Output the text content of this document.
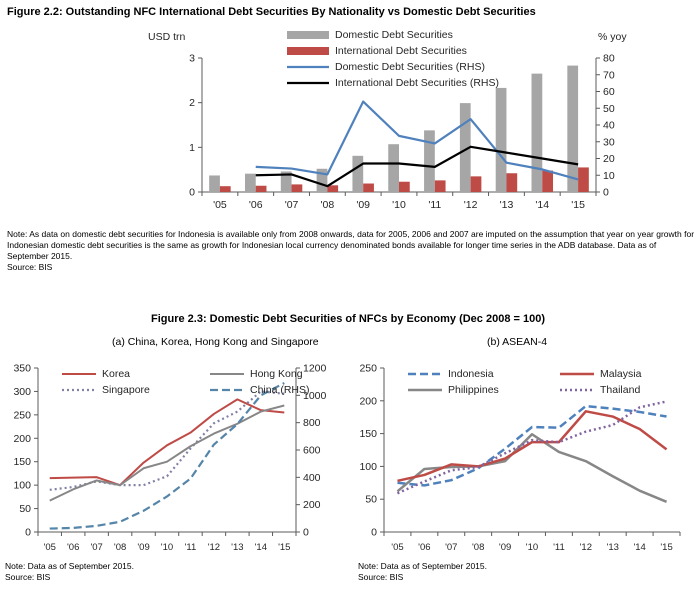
Figure 2.2: Outstanding NFC International Debt Securities By Nationality vs Domestic Debt Securities
USD trn	% yoy
0
1
2
3
0
10
20
30
40
50
60
70
80
'05 '06 '07 '08 '09 '10 '11 '12 '13 '14 '15
Domestic Debt Securities
International Debt Securities
Domestic Debt Securities (RHS)
International Debt Securities (RHS)
Note: As data on domestic debt securities for Indonesia is available only from 2008 onwards, data for 2005, 2006 and 2007 are imputed on the assumption that year on year growth for Indonesian domestic debt securities is the same as growth for Indonesian local currency denominated bonds available for longer time series in the ADB database. Data as of September 2015.
Source: BIS
Figure 2.3: Domestic Debt Securities of NFCs by Economy (Dec 2008 = 100)
(a) China, Korea, Hong Kong and Singapore	(b) ASEAN-4
0
50
100
150
200
250
300
350
0
200
400
600
800
1000
1200
'05 '06 '07 '08 '09 '10 '11 '12 '13 '14 '15
Korea	Hong Kong
Singapore	China (RHS)
0
50
100
150
200
250
'05 '06 '07 '08 '09 '10 '11 '12 '13 '14 '15
Indonesia	Malaysia
Philippines	Thailand
Note: Data as of September 2015.
Source: BIS
Note: Data as of September 2015.
Source: BIS
